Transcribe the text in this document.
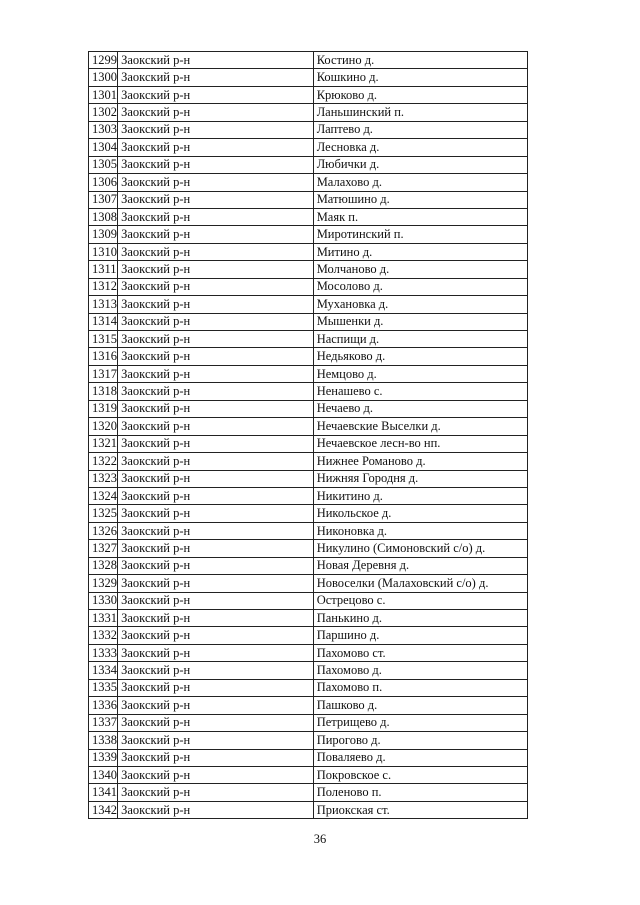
1299	Заокский р-н	Костино д.
1300	Заокский р-н	Кошкино д.
1301	Заокский р-н	Крюково д.
1302	Заокский р-н	Ланьшинский п.
1303	Заокский р-н	Лаптево д.
1304	Заокский р-н	Лесновка д.
1305	Заокский р-н	Любички д.
1306	Заокский р-н	Малахово д.
1307	Заокский р-н	Матюшино д.
1308	Заокский р-н	Маяк п.
1309	Заокский р-н	Миротинский п.
1310	Заокский р-н	Митино д.
1311	Заокский р-н	Молчаново д.
1312	Заокский р-н	Мосолово д.
1313	Заокский р-н	Мухановка д.
1314	Заокский р-н	Мышенки д.
1315	Заокский р-н	Наспищи д.
1316	Заокский р-н	Недьяково д.
1317	Заокский р-н	Немцово д.
1318	Заокский р-н	Ненашево с.
1319	Заокский р-н	Нечаево д.
1320	Заокский р-н	Нечаевские Выселки д.
1321	Заокский р-н	Нечаевское лесн-во нп.
1322	Заокский р-н	Нижнее Романово д.
1323	Заокский р-н	Нижняя Городня д.
1324	Заокский р-н	Никитино д.
1325	Заокский р-н	Никольское д.
1326	Заокский р-н	Никоновка д.
1327	Заокский р-н	Никулино (Симоновский с/о) д.
1328	Заокский р-н	Новая Деревня д.
1329	Заокский р-н	Новоселки (Малаховский с/о) д.
1330	Заокский р-н	Острецово с.
1331	Заокский р-н	Панькино д.
1332	Заокский р-н	Паршино д.
1333	Заокский р-н	Пахомово ст.
1334	Заокский р-н	Пахомово д.
1335	Заокский р-н	Пахомово п.
1336	Заокский р-н	Пашково д.
1337	Заокский р-н	Петрищево д.
1338	Заокский р-н	Пирогово д.
1339	Заокский р-н	Поваляево д.
1340	Заокский р-н	Покровское с.
1341	Заокский р-н	Поленово п.
1342	Заокский р-н	Приокская ст.
36
